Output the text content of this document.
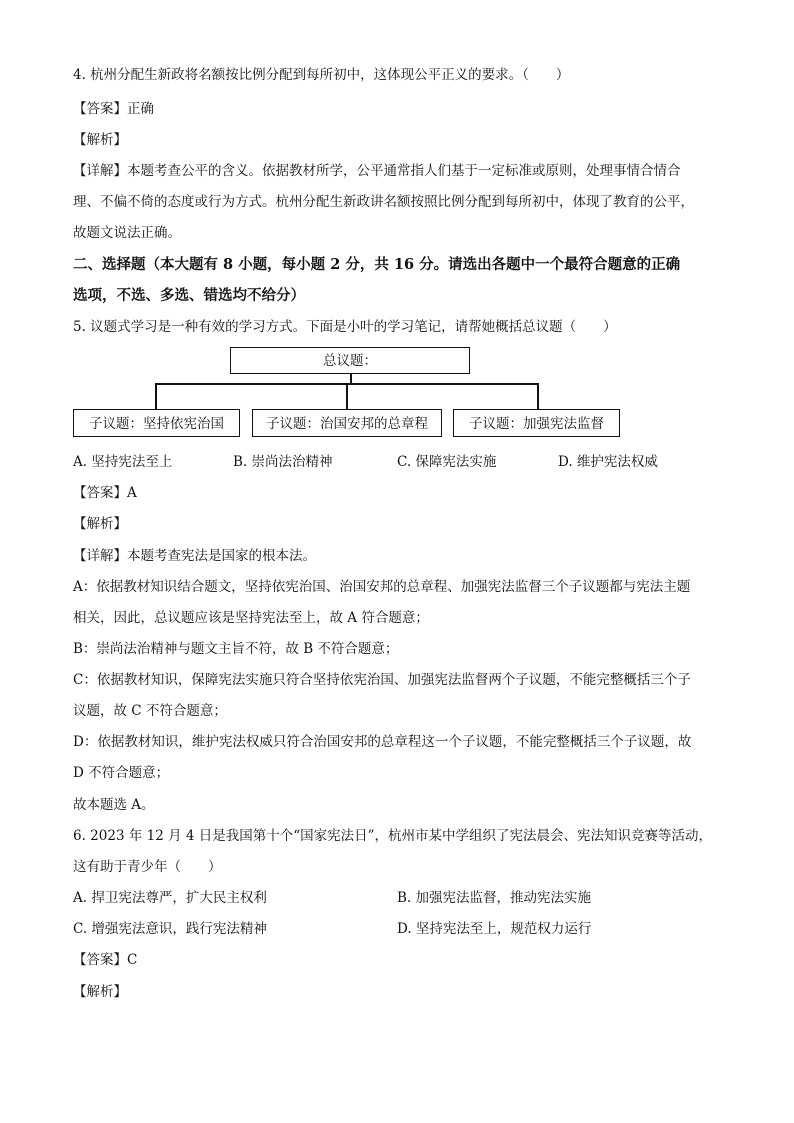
4. 杭州分配生新政将名额按比例分配到每所初中，这体现公平正义的要求。（　　）
【答案】正确
【解析】
【详解】本题考查公平的含义。依据教材所学，公平通常指人们基于一定标准或原则，处理事情合情合
理、不偏不倚的态度或行为方式。杭州分配生新政讲名额按照比例分配到每所初中，体现了教育的公平，
故题文说法正确。
二、选择题（本大题有 8 小题，每小题 2 分，共 16 分。请选出各题中一个最符合题意的正确
选项，不选、多选、错选均不给分）
5. 议题式学习是一种有效的学习方式。下面是小叶的学习笔记，请帮她概括总议题（　　）
总议题：
子议题：坚持依宪治国	子议题：治国安邦的总章程	子议题：加强宪法监督
A. 坚持宪法至上	B. 崇尚法治精神	C. 保障宪法实施	D. 维护宪法权威
【答案】A
【解析】
【详解】本题考查宪法是国家的根本法。
A：依据教材知识结合题文，坚持依宪治国、治国安邦的总章程、加强宪法监督三个子议题都与宪法主题
相关，因此，总议题应该是坚持宪法至上，故 A 符合题意；
B：崇尚法治精神与题文主旨不符，故 B 不符合题意；
C：依据教材知识，保障宪法实施只符合坚持依宪治国、加强宪法监督两个子议题，不能完整概括三个子
议题，故 C 不符合题意；
D：依据教材知识，维护宪法权威只符合治国安邦的总章程这一个子议题，不能完整概括三个子议题，故
D 不符合题意；
故本题选 A。
6. 2023 年 12 月 4 日是我国第十个“国家宪法日”，杭州市某中学组织了宪法晨会、宪法知识竞赛等活动，
这有助于青少年（　　）
A. 捍卫宪法尊严，扩大民主权利	B. 加强宪法监督，推动宪法实施
C. 增强宪法意识，践行宪法精神	D. 坚持宪法至上，规范权力运行
【答案】C
【解析】
